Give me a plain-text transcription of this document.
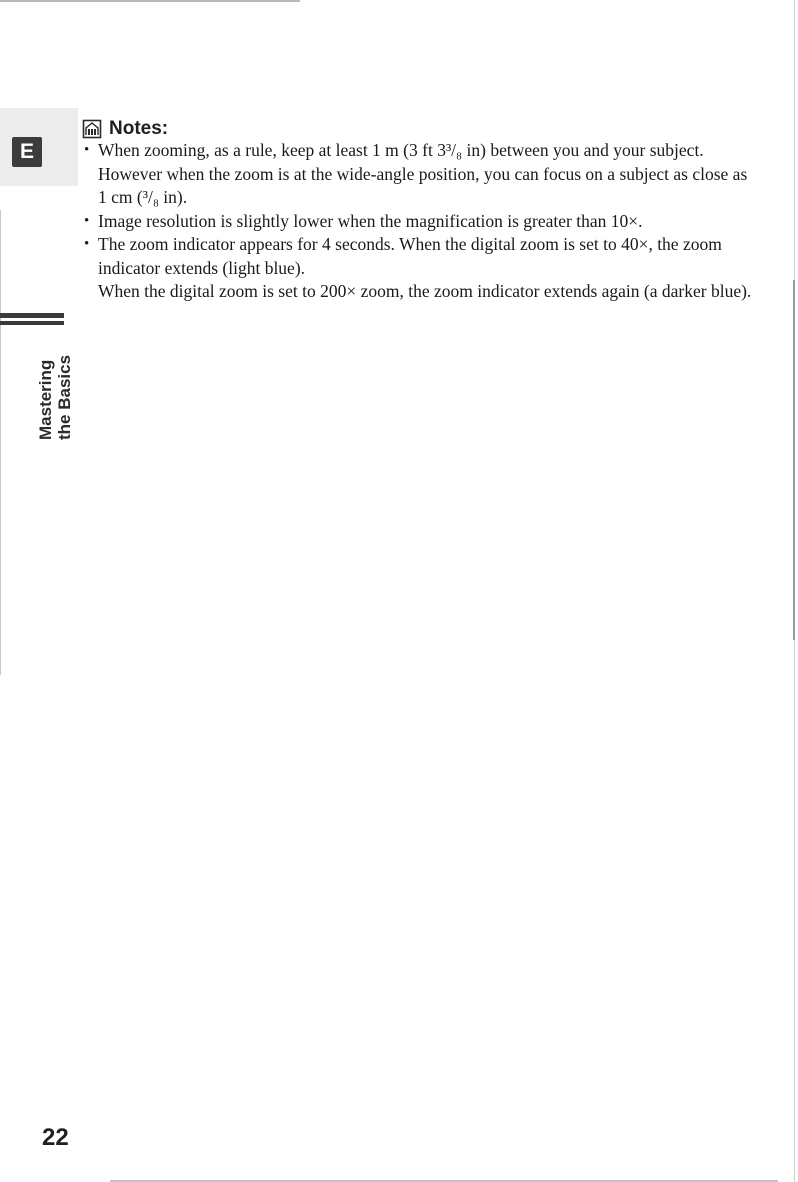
E
Mastering the Basics
Notes:
• When zooming, as a rule, keep at least 1 m (3 ft 3³/₈ in) between you and your subject. However when the zoom is at the wide-angle position, you can focus on a subject as close as 1 cm (³/₈ in).
• Image resolution is slightly lower when the magnification is greater than 10×.
• The zoom indicator appears for 4 seconds. When the digital zoom is set to 40×, the zoom indicator extends (light blue).
When the digital zoom is set to 200× zoom, the zoom indicator extends again (a darker blue).
22
